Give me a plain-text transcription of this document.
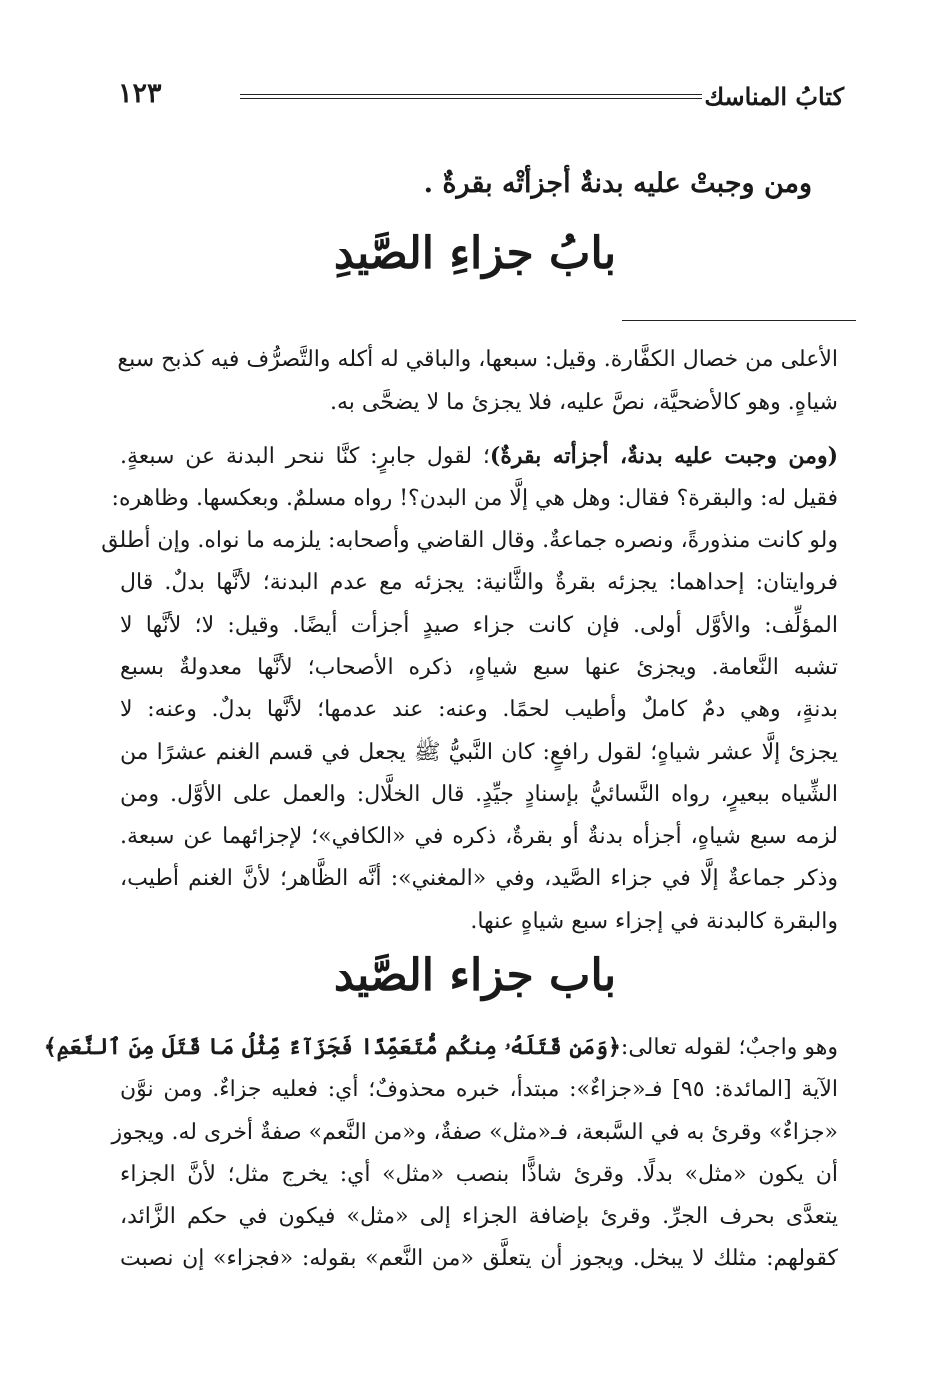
كتابُ المناسك
١٢٣
ومن وجبتْ عليه بدنةٌ أجزأتْه بقرةٌ .
بابُ جزاءِ الصَّيدِ
الأعلى من خصال الكفَّارة. وقيل: سبعها، والباقي له أكله والتَّصرُّف فيه كذبح سبع
شياهٍ. وهو كالأضحيَّة، نصَّ عليه، فلا يجزئ ما لا يضحَّى به.
(ومن وجبت عليه بدنةٌ، أجزأته بقرةٌ)؛ لقول جابرٍ: كنَّا ننحر البدنة عن سبعةٍ.
فقيل له: والبقرة؟ فقال: وهل هي إلَّا من البدن؟! رواه مسلمٌ. وبعكسها. وظاهره:
ولو كانت منذورةً، ونصره جماعةٌ. وقال القاضي وأصحابه: يلزمه ما نواه. وإن أطلق
فروايتان: إحداهما: يجزئه بقرةٌ والثَّانية: يجزئه مع عدم البدنة؛ لأنَّها بدلٌ. قال
المؤلِّف: والأوَّل أولى. فإن كانت جزاء صيدٍ أجزأت أيضًا. وقيل: لا؛ لأنَّها لا
تشبه النَّعامة. ويجزئ عنها سبع شياهٍ، ذكره الأصحاب؛ لأنَّها معدولةٌ بسبع
بدنةٍ، وهي دمٌ كاملٌ وأطيب لحمًا. وعنه: عند عدمها؛ لأنَّها بدلٌ. وعنه: لا
يجزئ إلَّا عشر شياهٍ؛ لقول رافعٍ: كان النَّبيُّ ﷺ يجعل في قسم الغنم عشرًا من
الشِّياه ببعيرٍ، رواه النَّسائيُّ بإسنادٍ جيِّدٍ. قال الخلَّال: والعمل على الأوَّل. ومن
لزمه سبع شياهٍ، أجزأه بدنةٌ أو بقرةٌ، ذكره في «الكافي»؛ لإجزائهما عن سبعة.
وذكر جماعةٌ إلَّا في جزاء الصَّيد، وفي «المغني»: أنَّه الظَّاهر؛ لأنَّ الغنم أطيب،
والبقرة كالبدنة في إجزاء سبع شياهٍ عنها.
باب جزاء الصَّيد
وهو واجبٌ؛ لقوله تعالى:﴿وَمَن قَتَلَهُۥ مِنكُم مُّتَعَمِّدًا فَجَزَآءٌ مِّثْلُ مَا قَتَلَ مِنَ ٱلنَّعَمِ﴾
الآية [المائدة: ٩٥] فـ«جزاءٌ»: مبتدأ، خبره محذوفٌ؛ أي: فعليه جزاءٌ. ومن نوَّن
«جزاءٌ» وقرئ به في السَّبعة، فـ«مثل» صفةٌ، و«من النَّعم» صفةٌ أخرى له. ويجوز
أن يكون «مثل» بدلًا. وقرئ شاذًّا بنصب «مثل» أي: يخرج مثل؛ لأنَّ الجزاء
يتعدَّى بحرف الجرِّ. وقرئ بإضافة الجزاء إلى «مثل» فيكون في حكم الزَّائد،
كقولهم: مثلك لا يبخل. ويجوز أن يتعلَّق «من النَّعم» بقوله: «فجزاء» إن نصبت
